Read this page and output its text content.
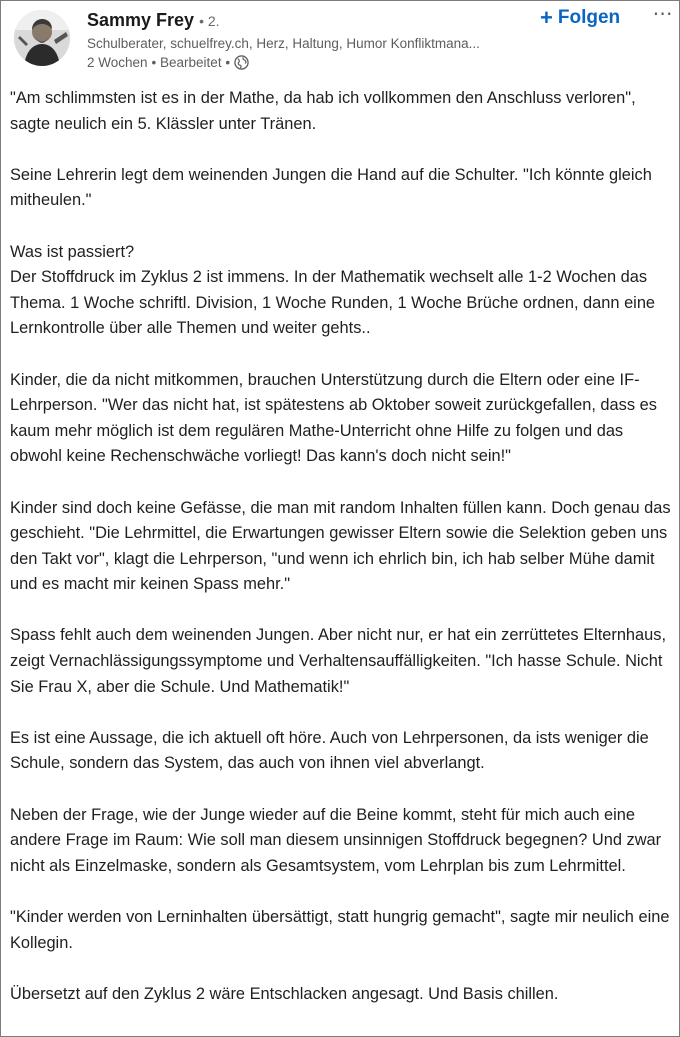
Sammy Frey • 2.
Schulberater, schuelfrey.ch, Herz, Haltung, Humor Konfliktmana...
2 Wochen • Bearbeitet •
+ Folgen ⋯

"Am schlimmsten ist es in der Mathe, da hab ich vollkommen den Anschluss verloren", sagte neulich ein 5. Klässler unter Tränen.

Seine Lehrerin legt dem weinenden Jungen die Hand auf die Schulter. "Ich könnte gleich mitheulen."

Was ist passiert?
Der Stoffdruck im Zyklus 2 ist immens. In der Mathematik wechselt alle 1-2 Wochen das Thema. 1 Woche schriftl. Division, 1 Woche Runden, 1 Woche Brüche ordnen, dann eine Lernkontrolle über alle Themen und weiter gehts..

Kinder, die da nicht mitkommen, brauchen Unterstützung durch die Eltern oder eine IF-Lehrperson. "Wer das nicht hat, ist spätestens ab Oktober soweit zurückgefallen, dass es kaum mehr möglich ist dem regulären Mathe-Unterricht ohne Hilfe zu folgen und das obwohl keine Rechenschwäche vorliegt! Das kann's doch nicht sein!"

Kinder sind doch keine Gefässe, die man mit random Inhalten füllen kann. Doch genau das geschieht. "Die Lehrmittel, die Erwartungen gewisser Eltern sowie die Selektion geben uns den Takt vor", klagt die Lehrperson, "und wenn ich ehrlich bin, ich hab selber Mühe damit und es macht mir keinen Spass mehr."

Spass fehlt auch dem weinenden Jungen. Aber nicht nur, er hat ein zerrüttetes Elternhaus, zeigt Vernachlässigungssymptome und Verhaltensauffälligkeiten. "Ich hasse Schule. Nicht Sie Frau X, aber die Schule. Und Mathematik!"

Es ist eine Aussage, die ich aktuell oft höre. Auch von Lehrpersonen, da ists weniger die Schule, sondern das System, das auch von ihnen viel abverlangt.

Neben der Frage, wie der Junge wieder auf die Beine kommt, steht für mich auch eine andere Frage im Raum: Wie soll man diesem unsinnigen Stoffdruck begegnen? Und zwar nicht als Einzelmaske, sondern als Gesamtsystem, vom Lehrplan bis zum Lehrmittel.

"Kinder werden von Lerninhalten übersättigt, statt hungrig gemacht", sagte mir neulich eine Kollegin.

Übersetzt auf den Zyklus 2 wäre Entschlacken angesagt. Und Basis chillen.
